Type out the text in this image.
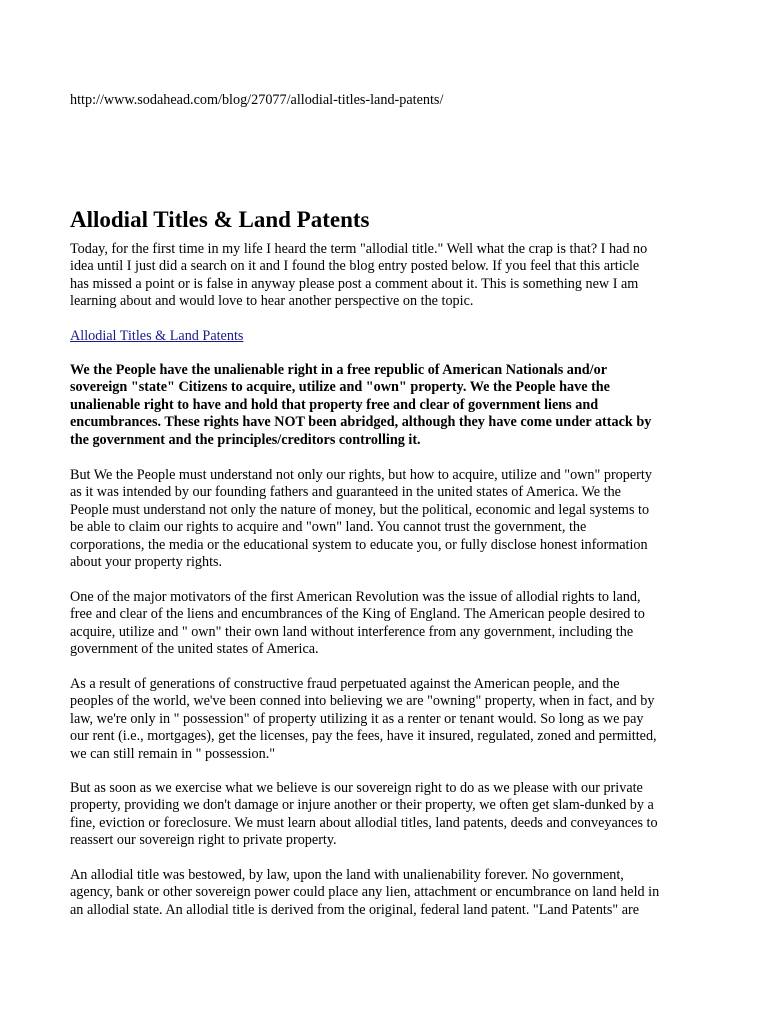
http://www.sodahead.com/blog/27077/allodial-titles-land-patents/
Allodial Titles & Land Patents

Today, for the first time in my life I heard the term "allodial title." Well what the crap is that? I had no
idea until I just did a search on it and I found the blog entry posted below. If you feel that this article
has missed a point or is false in anyway please post a comment about it. This is something new I am
learning about and would love to hear another perspective on the topic.

Allodial Titles & Land Patents

We the People have the unalienable right in a free republic of American Nationals and/or
sovereign "state" Citizens to acquire, utilize and "own" property. We the People have the
unalienable right to have and hold that property free and clear of government liens and
encumbrances. These rights have NOT been abridged, although they have come under attack by
the government and the principles/creditors controlling it.

But We the People must understand not only our rights, but how to acquire, utilize and "own" property
as it was intended by our founding fathers and guaranteed in the united states of America. We the
People must understand not only the nature of money, but the political, economic and legal systems to
be able to claim our rights to acquire and "own" land. You cannot trust the government, the
corporations, the media or the educational system to educate you, or fully disclose honest information
about your property rights.

One of the major motivators of the first American Revolution was the issue of allodial rights to land,
free and clear of the liens and encumbrances of the King of England. The American people desired to
acquire, utilize and " own" their own land without interference from any government, including the
government of the united states of America.

As a result of generations of constructive fraud perpetuated against the American people, and the
peoples of the world, we've been conned into believing we are "owning" property, when in fact, and by
law, we're only in " possession" of property utilizing it as a renter or tenant would. So long as we pay
our rent (i.e., mortgages), get the licenses, pay the fees, have it insured, regulated, zoned and permitted,
we can still remain in " possession."

But as soon as we exercise what we believe is our sovereign right to do as we please with our private
property, providing we don't damage or injure another or their property, we often get slam-dunked by a
fine, eviction or foreclosure. We must learn about allodial titles, land patents, deeds and conveyances to
reassert our sovereign right to private property.

An allodial title was bestowed, by law, upon the land with unalienability forever. No government,
agency, bank or other sovereign power could place any lien, attachment or encumbrance on land held in
an allodial state. An allodial title is derived from the original, federal land patent. "Land Patents" are
